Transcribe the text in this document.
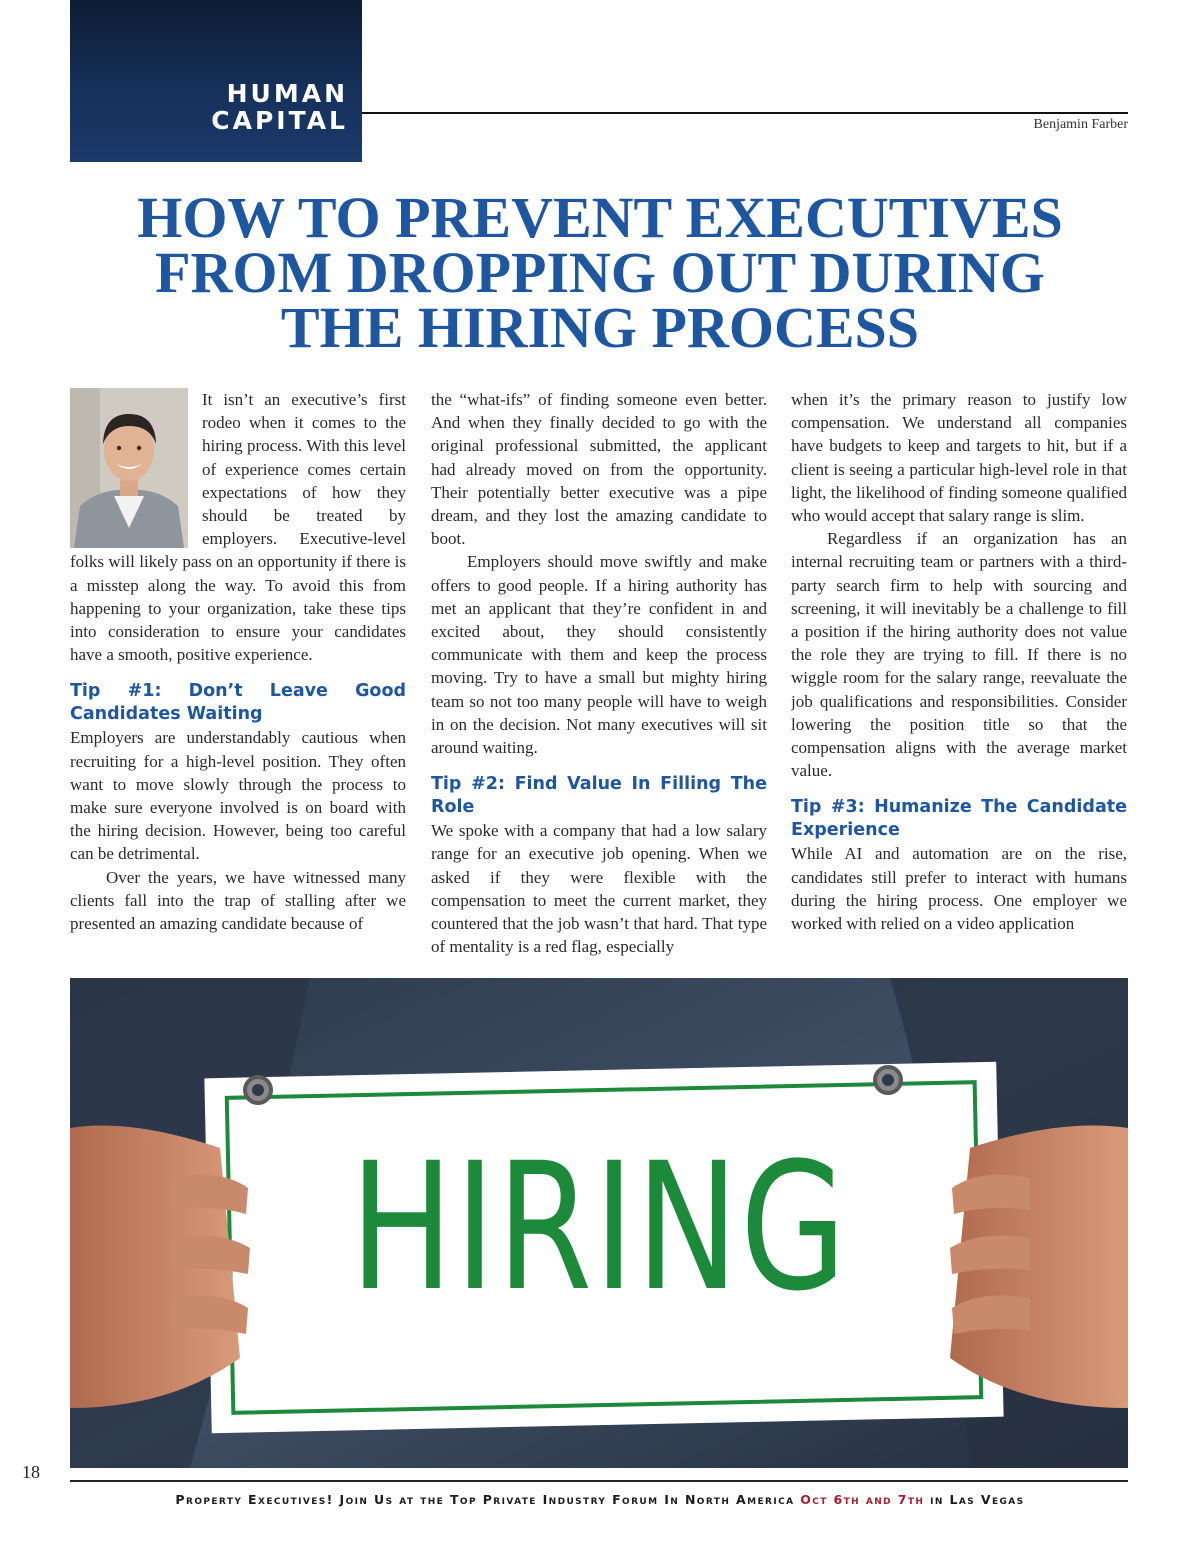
HUMAN
CAPITAL	Benjamin Farber

HOW TO PREVENT EXECUTIVES
FROM DROPPING OUT DURING
THE HIRING PROCESS

It isn’t an executive’s first rodeo when it comes to the hiring process. With this level of experience comes certain expectations of how they should be treated by employers. Executive-level folks will likely pass on an opportunity if there is a misstep along the way. To avoid this from happening to your organization, take these tips into consideration to ensure your candidates have a smooth, positive experience.

Tip #1: Don’t Leave Good Candidates Waiting

Employers are understandably cautious when recruiting for a high-level position. They often want to move slowly through the process to make sure everyone involved is on board with the hiring decision. However, being too careful can be detrimental.

Over the years, we have witnessed many clients fall into the trap of stalling after we presented an amazing candidate because of

the “what-ifs” of finding someone even better. And when they finally decided to go with the original professional submitted, the applicant had already moved on from the opportunity. Their potentially better executive was a pipe dream, and they lost the amazing candidate to boot.

Employers should move swiftly and make offers to good people. If a hiring authority has met an applicant that they’re confident in and excited about, they should consistently communicate with them and keep the process moving. Try to have a small but mighty hiring team so not too many people will have to weigh in on the decision. Not many executives will sit around waiting.

Tip #2: Find Value In Filling The Role

We spoke with a company that had a low salary range for an executive job opening. When we asked if they were flexible with the compensation to meet the current market, they countered that the job wasn’t that hard. That type of mentality is a red flag, especially

when it’s the primary reason to justify low compensation. We understand all companies have budgets to keep and targets to hit, but if a client is seeing a particular high-level role in that light, the likelihood of finding someone qualified who would accept that salary range is slim.

Regardless if an organization has an internal recruiting team or partners with a third-party search firm to help with sourcing and screening, it will inevitably be a challenge to fill a position if the hiring authority does not value the role they are trying to fill. If there is no wiggle room for the salary range, reevaluate the job qualifications and responsibilities. Consider lowering the position title so that the compensation aligns with the average market value.

Tip #3: Humanize The Candidate Experience

While AI and automation are on the rise, candidates still prefer to interact with humans during the hiring process. One employer we worked with relied on a video application

HIRING

18

Property Executives! Join Us at the Top Private Industry Forum In North America Oct 6th and 7th in Las Vegas
